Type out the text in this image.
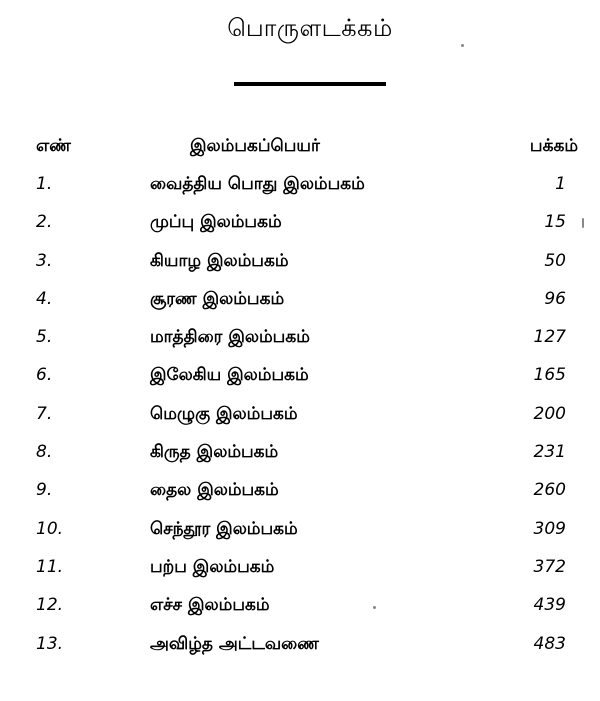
பொருளடக்கம்
எண்	இலம்பகப்பெயர்	பக்கம்
1.	வைத்திய பொது இலம்பகம்	1
2.	முப்பு இலம்பகம்	15
3.	கியாழ இலம்பகம்	50
4.	சூரண இலம்பகம்	96
5.	மாத்திரை இலம்பகம்	127
6.	இலேகிய இலம்பகம்	165
7.	மெழுகு இலம்பகம்	200
8.	கிருத இலம்பகம்	231
9.	தைல இலம்பகம்	260
10.	செந்தூர இலம்பகம்	309
11.	பற்ப இலம்பகம்	372
12.	எச்ச இலம்பகம்	439
13.	அவிழ்த அட்டவணை	483
